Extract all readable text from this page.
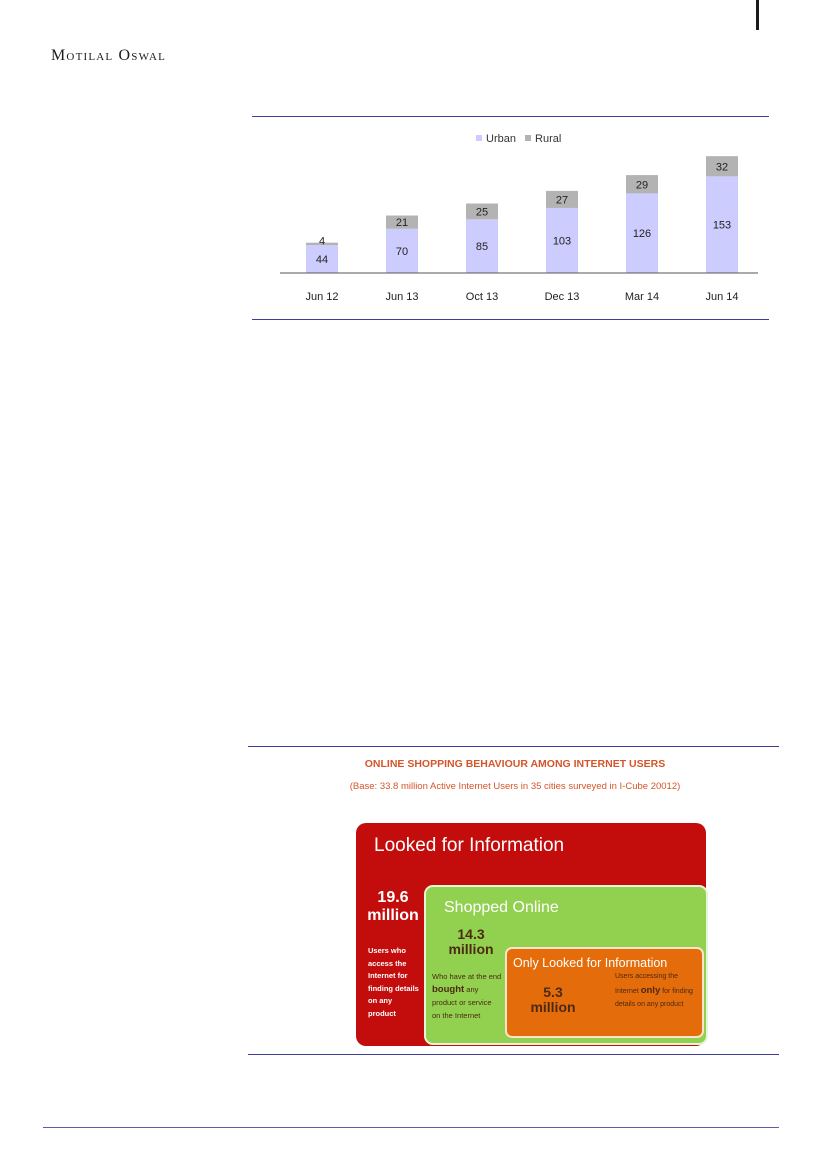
Motilal Oswal
Urban Rural
44
4
Jun 12
70
21
Jun 13
85
25
Oct 13
103
27
Dec 13
126
29
Mar 14
153
32
Jun 14
ONLINE SHOPPING BEHAVIOUR AMONG INTERNET USERS
(Base: 33.8 million Active Internet Users in 35 cities surveyed in I-Cube 20012)
Looked for Information
19.6
million
Users who access the Internet for finding details on any product
Shopped Online
14.3
million
Who have at the end bought any product or service on the Internet
Only Looked for Information
5.3
million
Users accessing the Internet only for finding details on any product
